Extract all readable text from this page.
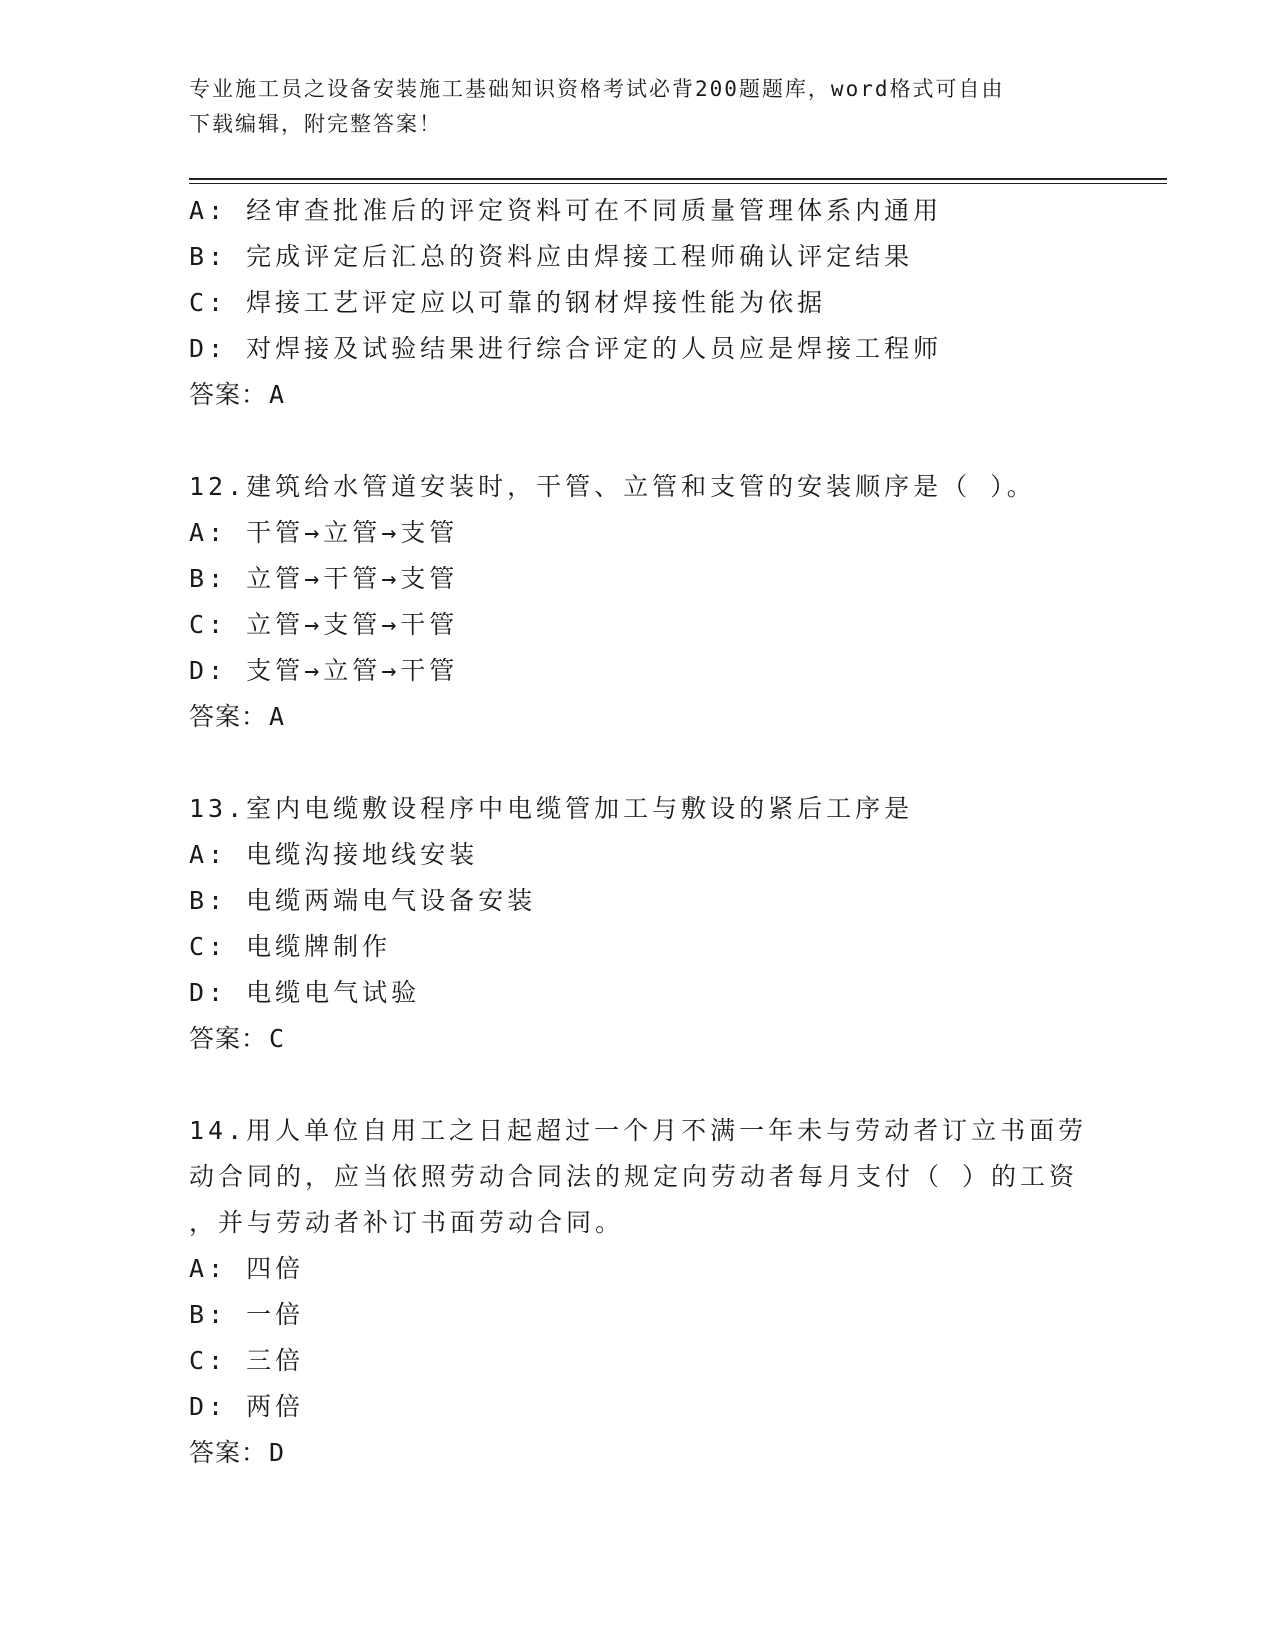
专业施工员之设备安装施工基础知识资格考试必背200题题库，word格式可自由
下载编辑，附完整答案！
A: 经审查批准后的评定资料可在不同质量管理体系内通用
B: 完成评定后汇总的资料应由焊接工程师确认评定结果
C: 焊接工艺评定应以可靠的钢材焊接性能为依据
D: 对焊接及试验结果进行综合评定的人员应是焊接工程师
答案：A
12.建筑给水管道安装时，干管、立管和支管的安装顺序是（ ）。
A: 干管→立管→支管
B: 立管→干管→支管
C: 立管→支管→干管
D: 支管→立管→干管
答案：A
13.室内电缆敷设程序中电缆管加工与敷设的紧后工序是
A: 电缆沟接地线安装
B: 电缆两端电气设备安装
C: 电缆牌制作
D: 电缆电气试验
答案：C
14.用人单位自用工之日起超过一个月不满一年未与劳动者订立书面劳
动合同的，应当依照劳动合同法的规定向劳动者每月支付（ ）的工资
，并与劳动者补订书面劳动合同。
A: 四倍
B: 一倍
C: 三倍
D: 两倍
答案：D
